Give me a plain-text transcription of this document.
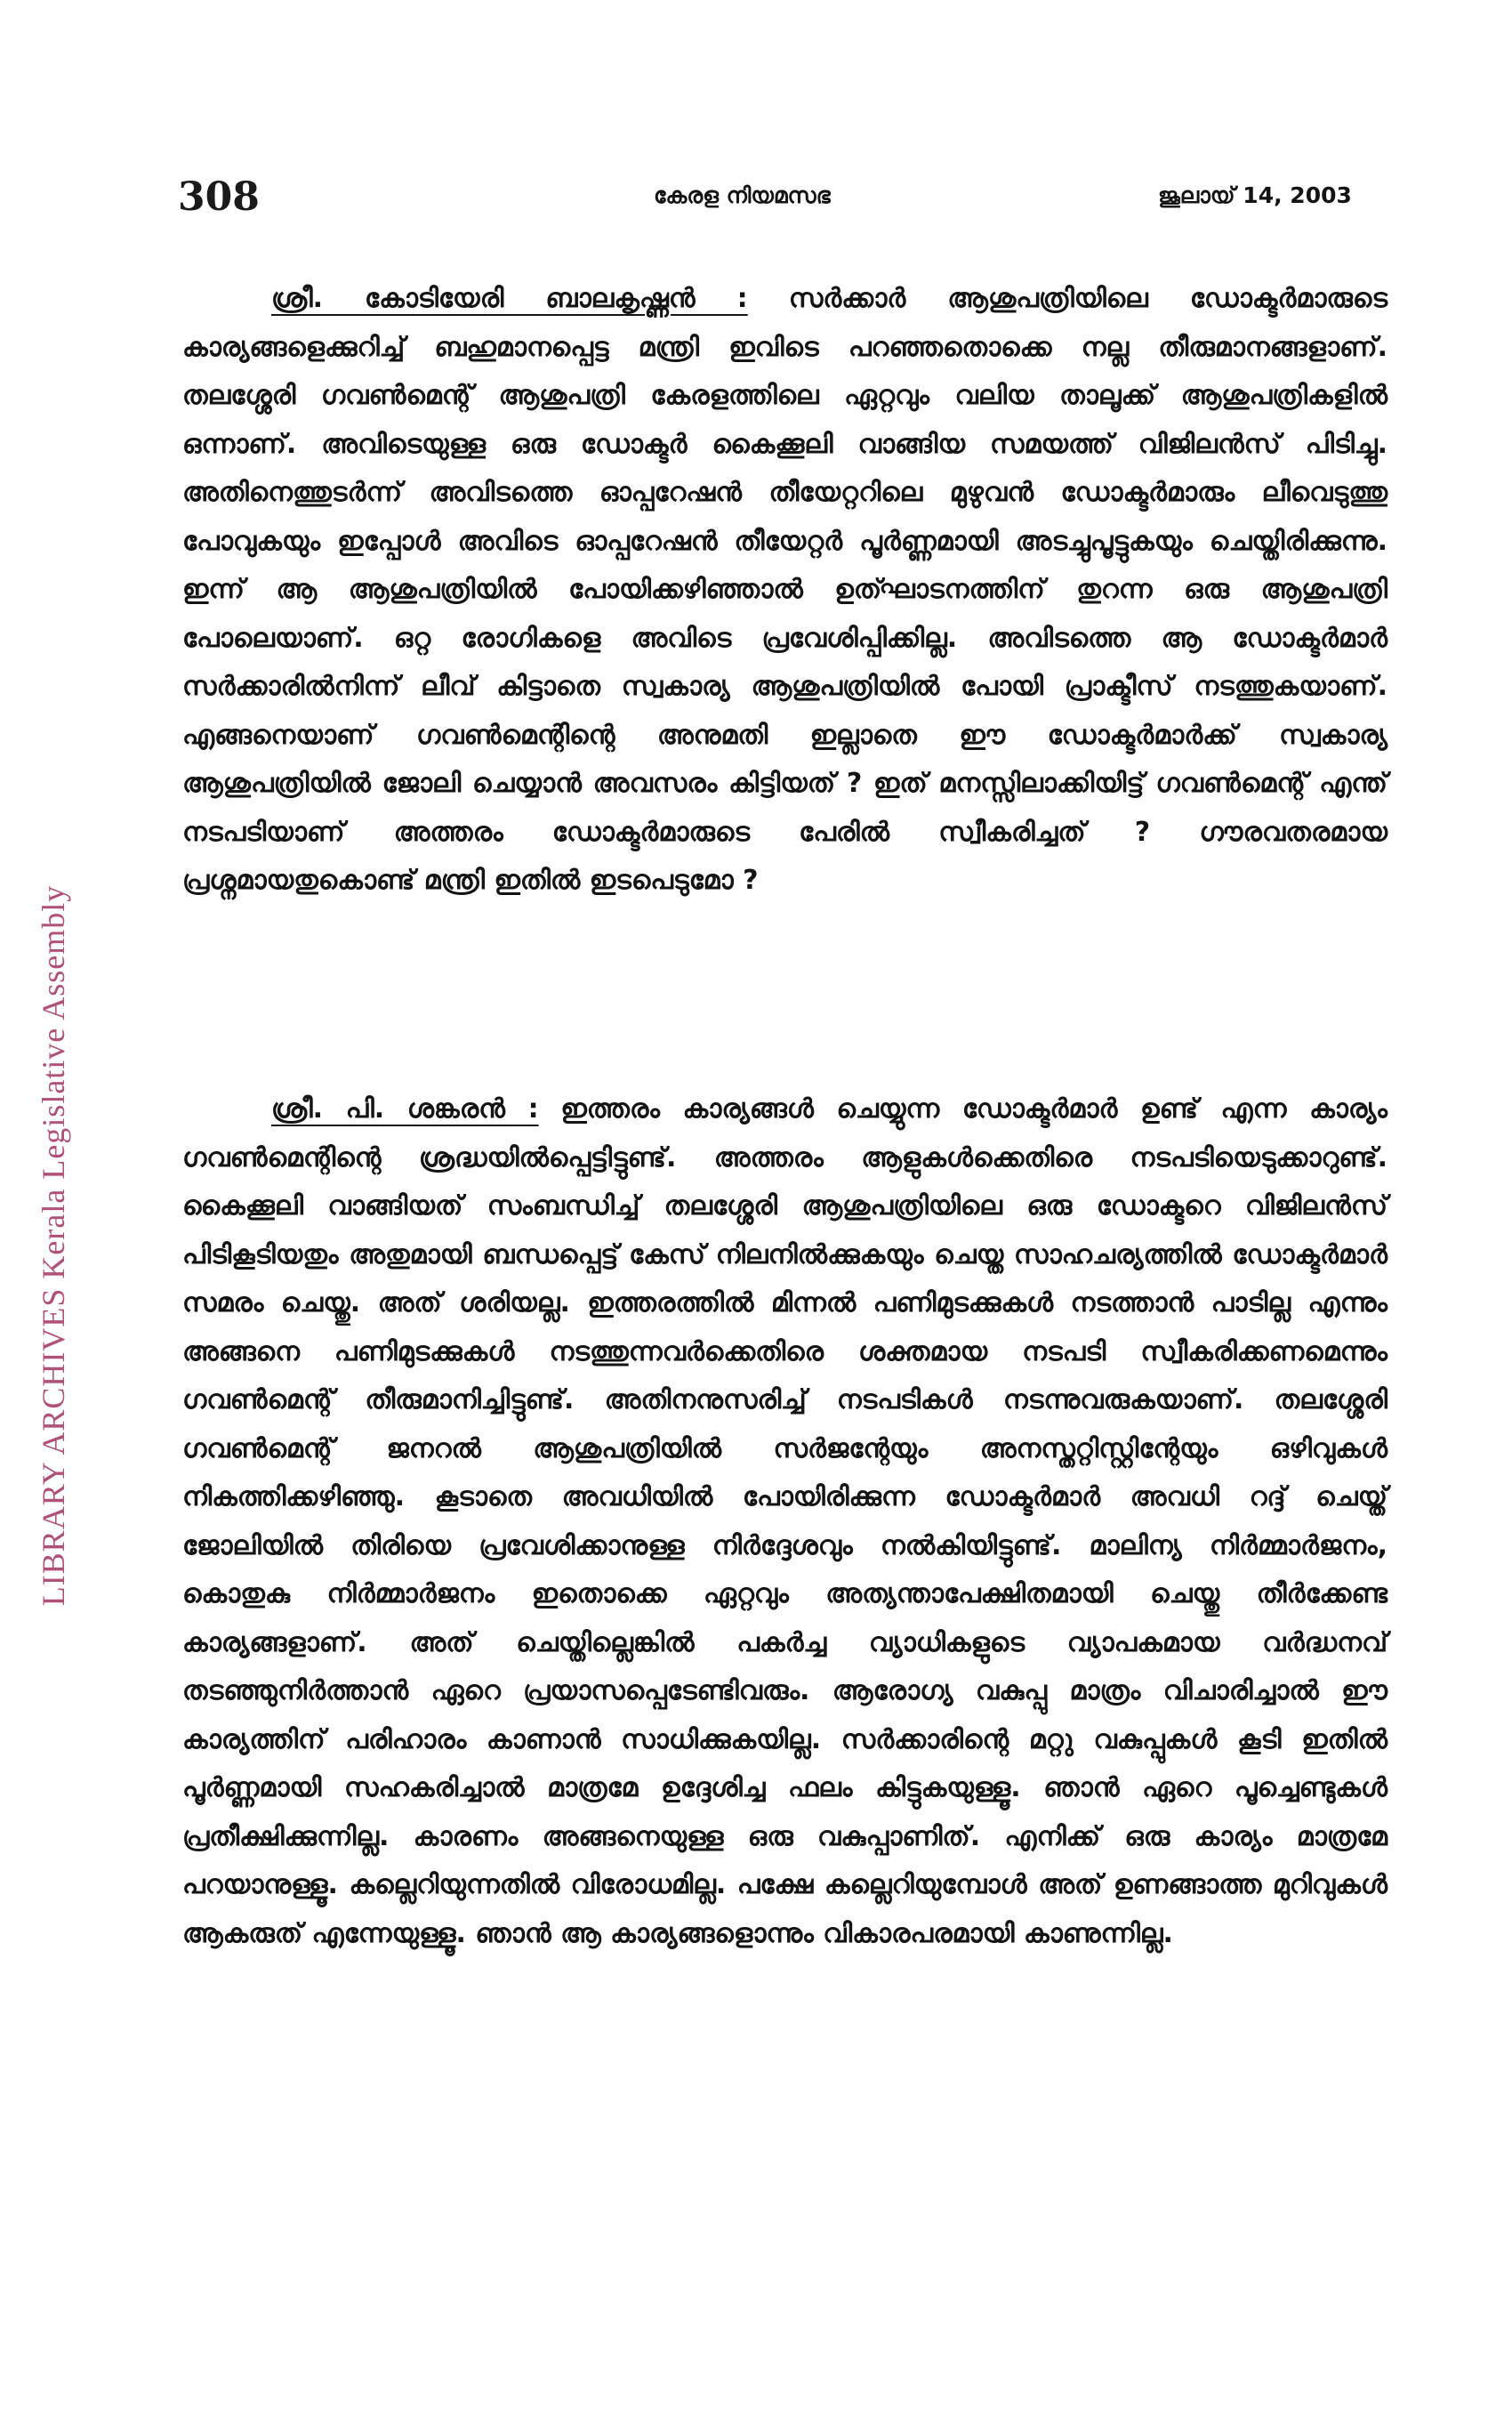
308	കേരള നിയമസഭ	ജൂലായ് 14, 2003
LIBRARY ARCHIVES Kerala Legislative Assembly

ശ്രീ. കോടിയേരി ബാലകൃഷ്ണൻ : സർക്കാർ ആശുപത്രിയിലെ ഡോക്ടർമാരുടെ കാര്യങ്ങളെക്കുറിച്ച് ബഹുമാനപ്പെട്ട മന്ത്രി ഇവിടെ പറഞ്ഞതൊക്കെ നല്ല തീരുമാനങ്ങളാണ്. തലശ്ശേരി ഗവൺമെന്റ് ആശുപത്രി കേരളത്തിലെ ഏറ്റവും വലിയ താലൂക്ക് ആശുപത്രികളിൽ ഒന്നാണ്. അവിടെയുള്ള ഒരു ഡോക്ടർ കൈക്കൂലി വാങ്ങിയ സമയത്ത് വിജിലൻസ് പിടിച്ചു. അതിനെത്തുടർന്ന് അവിടത്തെ ഓപ്പറേഷൻ തീയേറ്ററിലെ മുഴുവൻ ഡോക്ടർമാരും ലീവെടുത്തു പോവുകയും ഇപ്പോൾ അവിടെ ഓപ്പറേഷൻ തീയേറ്റർ പൂർണ്ണമായി അടച്ചുപൂട്ടുകയും ചെയ്തിരിക്കുന്നു. ഇന്ന് ആ ആശുപത്രിയിൽ പോയിക്കഴിഞ്ഞാൽ ഉത്ഘാടനത്തിന് തുറന്ന ഒരു ആശുപത്രി പോലെയാണ്. ഒറ്റ രോഗികളെ അവിടെ പ്രവേശിപ്പിക്കില്ല. അവിടത്തെ ആ ഡോക്ടർമാർ സർക്കാരിൽനിന്ന് ലീവ് കിട്ടാതെ സ്വകാര്യ ആശുപത്രിയിൽ പോയി പ്രാക്ടീസ് നടത്തുകയാണ്. എങ്ങനെയാണ് ഗവൺമെന്റിന്റെ അനുമതി ഇല്ലാതെ ഈ ഡോക്ടർമാർക്ക് സ്വകാര്യ ആശുപത്രിയിൽ ജോലി ചെയ്യാൻ അവസരം കിട്ടിയത് ? ഇത് മനസ്സിലാക്കിയിട്ട് ഗവൺമെന്റ് എന്ത് നടപടിയാണ് അത്തരം ഡോക്ടർമാരുടെ പേരിൽ സ്വീകരിച്ചത് ? ഗൗരവതരമായ പ്രശ്നമായതുകൊണ്ട് മന്ത്രി ഇതിൽ ഇടപെടുമോ ?

ശ്രീ. പി. ശങ്കരൻ : ഇത്തരം കാര്യങ്ങൾ ചെയ്യുന്ന ഡോക്ടർമാർ ഉണ്ട് എന്ന കാര്യം ഗവൺമെന്റിന്റെ ശ്രദ്ധയിൽപ്പെട്ടിട്ടുണ്ട്. അത്തരം ആളുകൾക്കെതിരെ നടപടിയെടുക്കാറുണ്ട്. കൈക്കൂലി വാങ്ങിയത് സംബന്ധിച്ച് തലശ്ശേരി ആശുപത്രിയിലെ ഒരു ഡോക്ടറെ വിജിലൻസ് പിടികൂടിയതും അതുമായി ബന്ധപ്പെട്ട് കേസ് നിലനിൽക്കുകയും ചെയ്ത സാഹചര്യത്തിൽ ഡോക്ടർമാർ സമരം ചെയ്തു. അത് ശരിയല്ല. ഇത്തരത്തിൽ മിന്നൽ പണിമുടക്കുകൾ നടത്താൻ പാടില്ല എന്നും അങ്ങനെ പണിമുടക്കുകൾ നടത്തുന്നവർക്കെതിരെ ശക്തമായ നടപടി സ്വീകരിക്കണമെന്നും ഗവൺമെന്റ് തീരുമാനിച്ചിട്ടുണ്ട്. അതിനനുസരിച്ച് നടപടികൾ നടന്നുവരുകയാണ്. തലശ്ശേരി ഗവൺമെന്റ് ജനറൽ ആശുപത്രിയിൽ സർജന്റേയും അനസ്തറ്റിസ്റ്റിന്റേയും ഒഴിവുകൾ നികത്തിക്കഴിഞ്ഞു. കൂടാതെ അവധിയിൽ പോയിരിക്കുന്ന ഡോക്ടർമാർ അവധി റദ്ദ് ചെയ്ത് ജോലിയിൽ തിരിയെ പ്രവേശിക്കാനുള്ള നിർദ്ദേശവും നൽകിയിട്ടുണ്ട്. മാലിന്യ നിർമ്മാർജനം, കൊതുകു നിർമ്മാർജനം ഇതൊക്കെ ഏറ്റവും അത്യന്താപേക്ഷിതമായി ചെയ്തു തീർക്കേണ്ട കാര്യങ്ങളാണ്. അത് ചെയ്തില്ലെങ്കിൽ പകർച്ച വ്യാധികളുടെ വ്യാപകമായ വർദ്ധനവ് തടഞ്ഞുനിർത്താൻ ഏറെ പ്രയാസപ്പെടേണ്ടിവരും. ആരോഗ്യ വകുപ്പു മാത്രം വിചാരിച്ചാൽ ഈ കാര്യത്തിന് പരിഹാരം കാണാൻ സാധിക്കുകയില്ല. സർക്കാരിന്റെ മറ്റു വകുപ്പുകൾ കൂടി ഇതിൽ പൂർണ്ണമായി സഹകരിച്ചാൽ മാത്രമേ ഉദ്ദേശിച്ച ഫലം കിട്ടുകയുള്ളൂ. ഞാൻ ഏറെ പൂച്ചെണ്ടുകൾ പ്രതീക്ഷിക്കുന്നില്ല. കാരണം അങ്ങനെയുള്ള ഒരു വകുപ്പാണിത്. എനിക്ക് ഒരു കാര്യം മാത്രമേ പറയാനുള്ളൂ. കല്ലെറിയുന്നതിൽ വിരോധമില്ല. പക്ഷേ കല്ലെറിയുമ്പോൾ അത് ഉണങ്ങാത്ത മുറിവുകൾ ആകരുത് എന്നേയുള്ളൂ. ഞാൻ ആ കാര്യങ്ങളൊന്നും വികാരപരമായി കാണുന്നില്ല.
